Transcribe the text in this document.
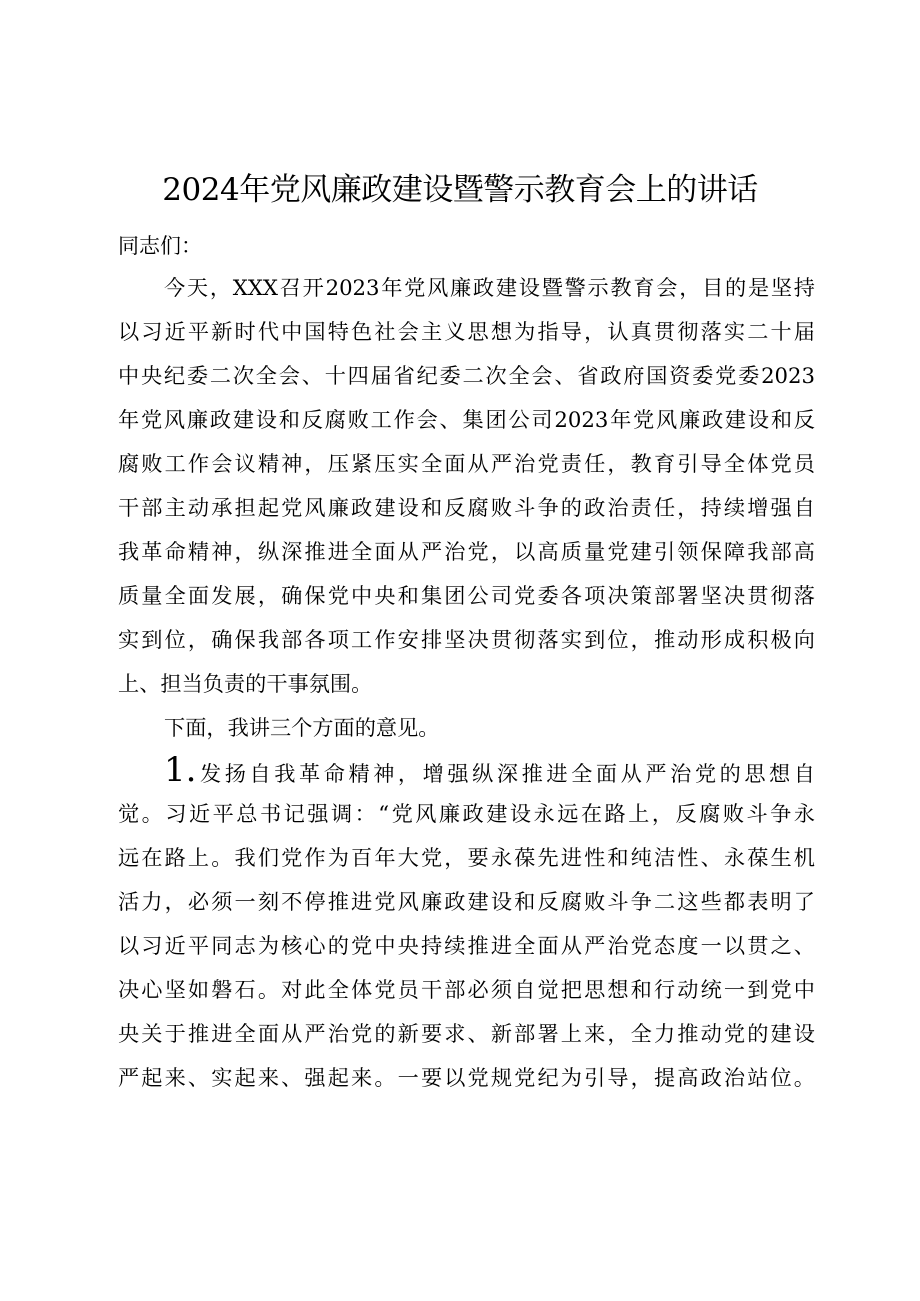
2024年党风廉政建设暨警示教育会上的讲话

同志们：

今天，XXX召开2023年党风廉政建设暨警示教育会，目的是坚持
以习近平新时代中国特色社会主义思想为指导，认真贯彻落实二十届
中央纪委二次全会、十四届省纪委二次全会、省政府国资委党委2023
年党风廉政建设和反腐败工作会、集团公司2023年党风廉政建设和反
腐败工作会议精神，压紧压实全面从严治党责任，教育引导全体党员
干部主动承担起党风廉政建设和反腐败斗争的政治责任，持续增强自
我革命精神，纵深推进全面从严治党，以高质量党建引领保障我部高
质量全面发展，确保党中央和集团公司党委各项决策部署坚决贯彻落
实到位，确保我部各项工作安排坚决贯彻落实到位，推动形成积极向
上、担当负责的干事氛围。
下面，我讲三个方面的意见。
1.发扬自我革命精神，增强纵深推进全面从严治党的思想自
觉。习近平总书记强调：“党风廉政建设永远在路上，反腐败斗争永
远在路上。我们党作为百年大党，要永葆先进性和纯洁性、永葆生机
活力，必须一刻不停推进党风廉政建设和反腐败斗争二这些都表明了
以习近平同志为核心的党中央持续推进全面从严治党态度一以贯之、
决心坚如磐石。对此全体党员干部必须自觉把思想和行动统一到党中
央关于推进全面从严治党的新要求、新部署上来，全力推动党的建设
严起来、实起来、强起来。一要以党规党纪为引导，提高政治站位。
